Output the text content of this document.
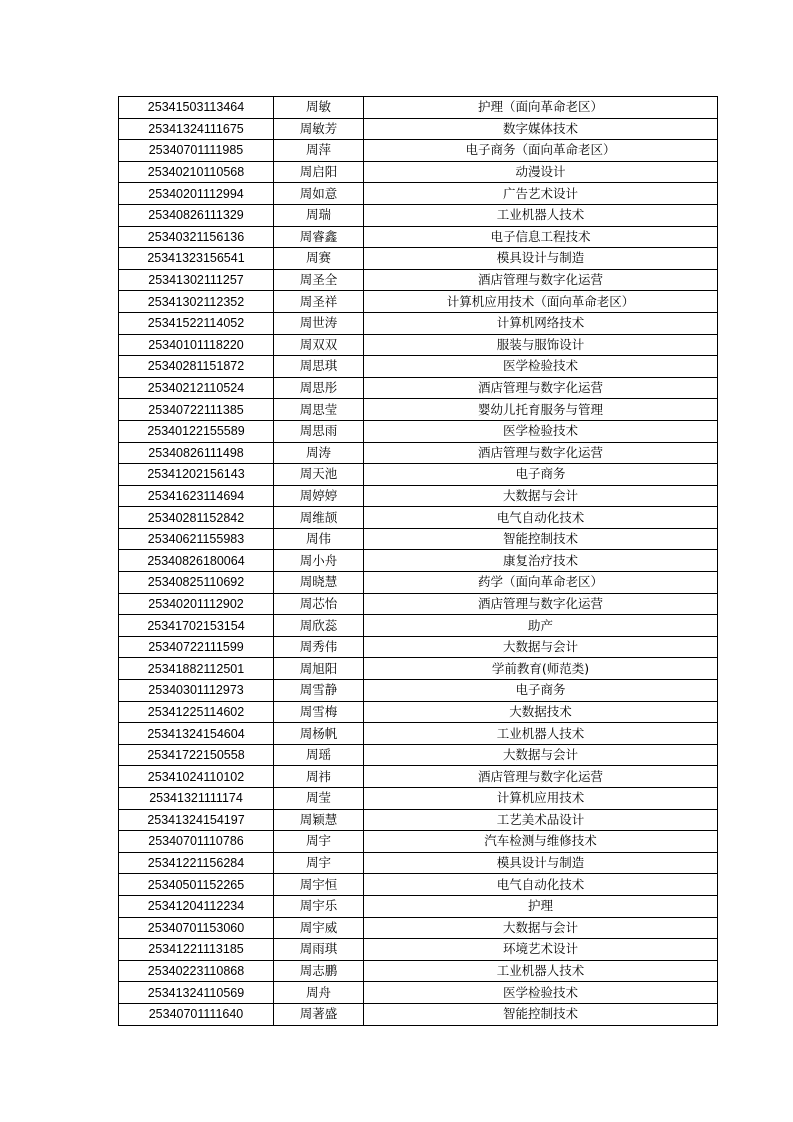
25341503113464	周敏	护理（面向革命老区）
25341324111675	周敏芳	数字媒体技术
25340701111985	周萍	电子商务（面向革命老区）
25340210110568	周启阳	动漫设计
25340201112994	周如意	广告艺术设计
25340826111329	周瑞	工业机器人技术
25340321156136	周睿鑫	电子信息工程技术
25341323156541	周赛	模具设计与制造
25341302111257	周圣全	酒店管理与数字化运营
25341302112352	周圣祥	计算机应用技术（面向革命老区）
25341522114052	周世涛	计算机网络技术
25340101118220	周双双	服装与服饰设计
25340281151872	周思琪	医学检验技术
25340212110524	周思彤	酒店管理与数字化运营
25340722111385	周思莹	婴幼儿托育服务与管理
25340122155589	周思雨	医学检验技术
25340826111498	周涛	酒店管理与数字化运营
25341202156143	周天池	电子商务
25341623114694	周婷婷	大数据与会计
25340281152842	周维颉	电气自动化技术
25340621155983	周伟	智能控制技术
25340826180064	周小舟	康复治疗技术
25340825110692	周晓慧	药学（面向革命老区）
25340201112902	周芯怡	酒店管理与数字化运营
25341702153154	周欣蕊	助产
25340722111599	周秀伟	大数据与会计
25341882112501	周旭阳	学前教育(师范类)
25340301112973	周雪静	电子商务
25341225114602	周雪梅	大数据技术
25341324154604	周杨帆	工业机器人技术
25341722150558	周瑶	大数据与会计
25341024110102	周祎	酒店管理与数字化运营
25341321111174	周莹	计算机应用技术
25341324154197	周颖慧	工艺美术品设计
25340701110786	周宇	汽车检测与维修技术
25341221156284	周宇	模具设计与制造
25340501152265	周宇恒	电气自动化技术
25341204112234	周宇乐	护理
25340701153060	周宇威	大数据与会计
25341221113185	周雨琪	环境艺术设计
25340223110868	周志鹏	工业机器人技术
25341324110569	周舟	医学检验技术
25340701111640	周著盛	智能控制技术
